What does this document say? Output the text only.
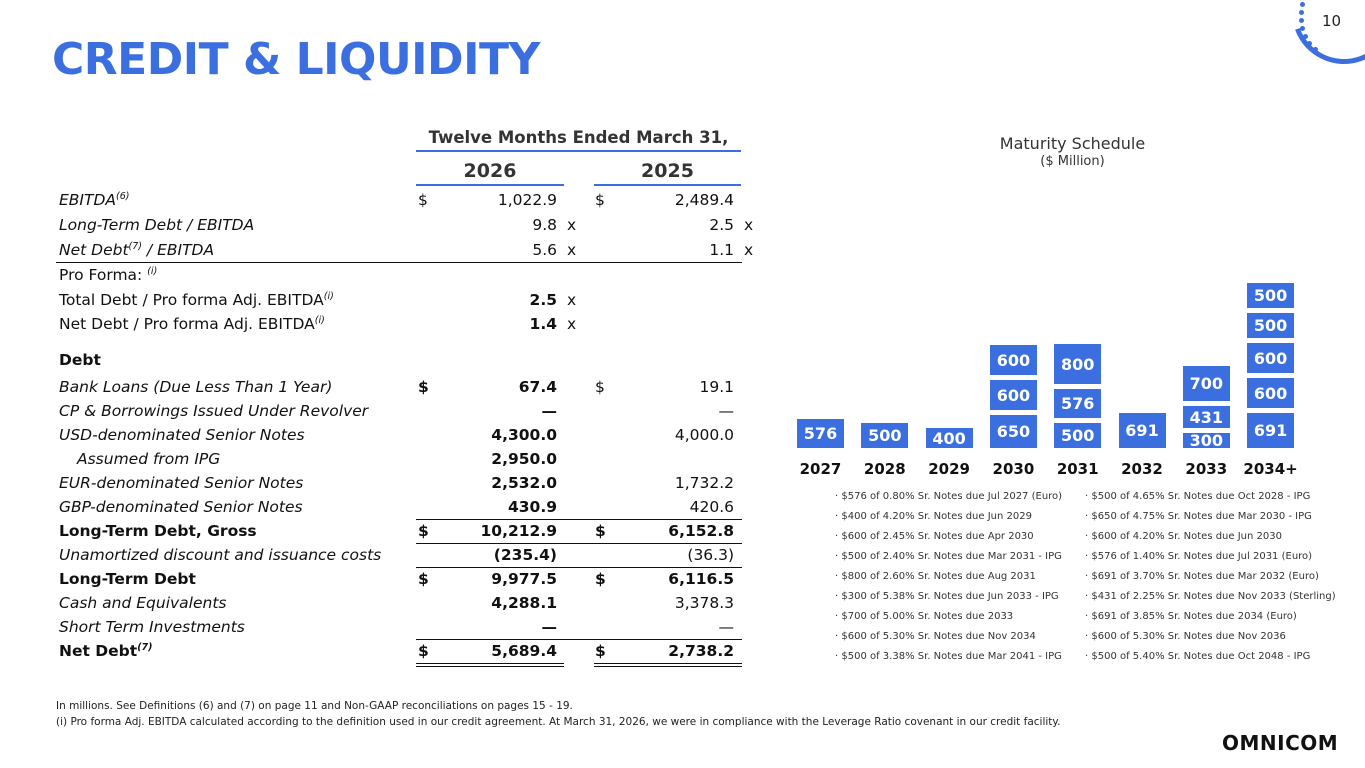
CREDIT & LIQUIDITY
10
Twelve Months Ended March 31,
2026	2025
EBITDA$^{(6)}$	$	1,022.9 $	2,489.4
Long-Term Debt / EBITDA	9.8 x	2.5 x
Net Debt$^{(7)}$ / EBITDA	5.6 x	1.1 x
Pro Forma: $^{(i)}$
Total Debt / Pro forma Adj. EBITDA$^{(i)}$	2.5 x
Net Debt / Pro forma Adj. EBITDA$^{(i)}$	1.4 x
Debt
Bank Loans (Due Less Than 1 Year)	$	67.4 $	19.1
CP & Borrowings Issued Under Revolver	—	—
USD-denominated Senior Notes	4,300.0	4,000.0
Assumed from IPG	2,950.0
EUR-denominated Senior Notes	2,532.0	1,732.2
GBP-denominated Senior Notes	430.9	420.6
Long-Term Debt, Gross	$	10,212.9 $	6,152.8
Unamortized discount and issuance costs	(235.4)	(36.3)
Long-Term Debt	$	9,977.5 $	6,116.5
Cash and Equivalents	4,288.1	3,378.3
Short Term Investments	—	—
Net Debt$^{(7)}$	$	5,689.4 $	2,738.2
Maturity Schedule
($ Million)
576
2027
500
2028
400
2029
650
600
600
2030
500
576
800
2031
691
2032
300
431
700
2033
691
600
600
500
500
2034+
· $576 of 0.80% Sr. Notes due Jul 2027 (Euro) · $500 of 4.65% Sr. Notes due Oct 2028 - IPG
· $400 of 4.20% Sr. Notes due Jun 2029	· $650 of 4.75% Sr. Notes due Mar 2030 - IPG
· $600 of 2.45% Sr. Notes due Apr 2030	· $600 of 4.20% Sr. Notes due Jun 2030
· $500 of 2.40% Sr. Notes due Mar 2031 - IPG · $576 of 1.40% Sr. Notes due Jul 2031 (Euro)
· $800 of 2.60% Sr. Notes due Aug 2031	· $691 of 3.70% Sr. Notes due Mar 2032 (Euro)
· $300 of 5.38% Sr. Notes due Jun 2033 - IPG	· $431 of 2.25% Sr. Notes due Nov 2033 (Sterling)
· $700 of 5.00% Sr. Notes due 2033	· $691 of 3.85% Sr. Notes due 2034 (Euro)
· $600 of 5.30% Sr. Notes due Nov 2034	· $600 of 5.30% Sr. Notes due Nov 2036
· $500 of 3.38% Sr. Notes due Mar 2041 - IPG · $500 of 5.40% Sr. Notes due Oct 2048 - IPG
In millions. See Definitions (6) and (7) on page 11 and Non-GAAP reconciliations on pages 15 - 19.
(i) Pro forma Adj. EBITDA calculated according to the definition used in our credit agreement. At March 31, 2026, we were in compliance with the Leverage Ratio covenant in our credit facility.
OMNICOM
